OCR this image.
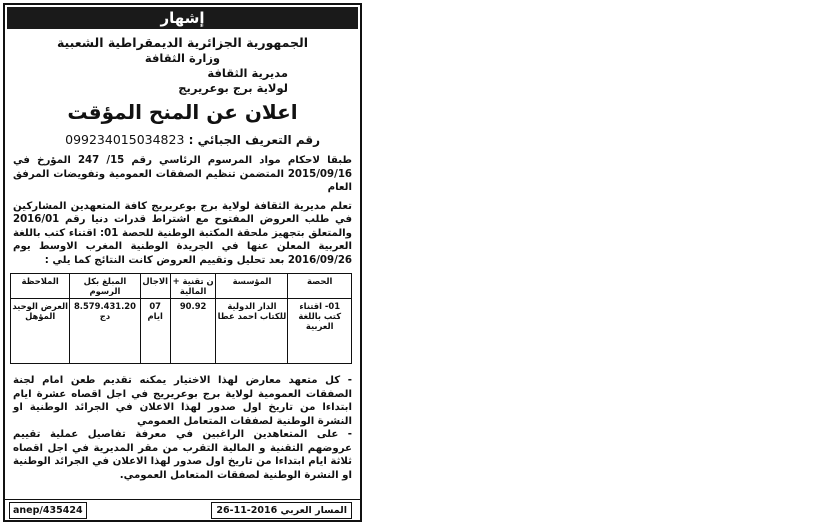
إشهار
الجمهورية الجزائرية الديمقراطية الشعبية
وزارة الثقافة
مديرية الثقافة
لولاية برج بوعريريج
اعلان عن المنح المؤقت
رقم التعريف الجبائي : 099234015034823
طبقا لاحكام مواد المرسوم الرئاسي رقم 15/ 247 المؤرخ في 2015/09/16 المتضمن تنظيم الصفقات العمومية وتفويضات المرفق العام
تعلم مديرية الثقافة لولاية برج بوعريريج كافة المتعهدين المشاركين في طلب العروض المفتوح مع اشتراط قدرات دنيا رقم 2016/01 والمتعلق بتجهيز ملحقة المكتبة الوطنية للحصة 01: اقتناء كتب باللغة العربية المعلن عنها في الجريدة الوطنية المغرب الاوسط يوم 2016/09/26 بعد تحليل وتقييم العروض كانت النتائج كما يلي :
الحصة	المؤسسة	ن تقنية + المالية	الاجال	المبلغ بكل الرسوم	الملاحظة
01- اقتناء كتب باللغة العربية	الدار الدولية للكتاب احمد عطا	90.92	07 ايام	8.579.431.20 دج	العرض الوحيد المؤهل
- كل متعهد معارض لهذا الاختيار يمكنه تقديم طعن امام لجنة الصفقات العمومية لولاية برج بوعريريج في اجل اقصاه عشرة ايام ابتداءا من تاريخ اول صدور لهذا الاعلان في الجرائد الوطنية او النشرة الوطنية لصفقات المتعامل العمومي
- على المتعاهدين الراغبين في معرفة تفاصيل عملية تقييم عروضهم التقنية و المالية التقرب من مقر المديرية في اجل اقصاه ثلاثة ايام ابتداءا من تاريخ اول صدور لهذا الاعلان في الجرائد الوطنية او النشرة الوطنية لصفقات المتعامل العمومي.
anep/435424	26-11-2016 المسار العربي
